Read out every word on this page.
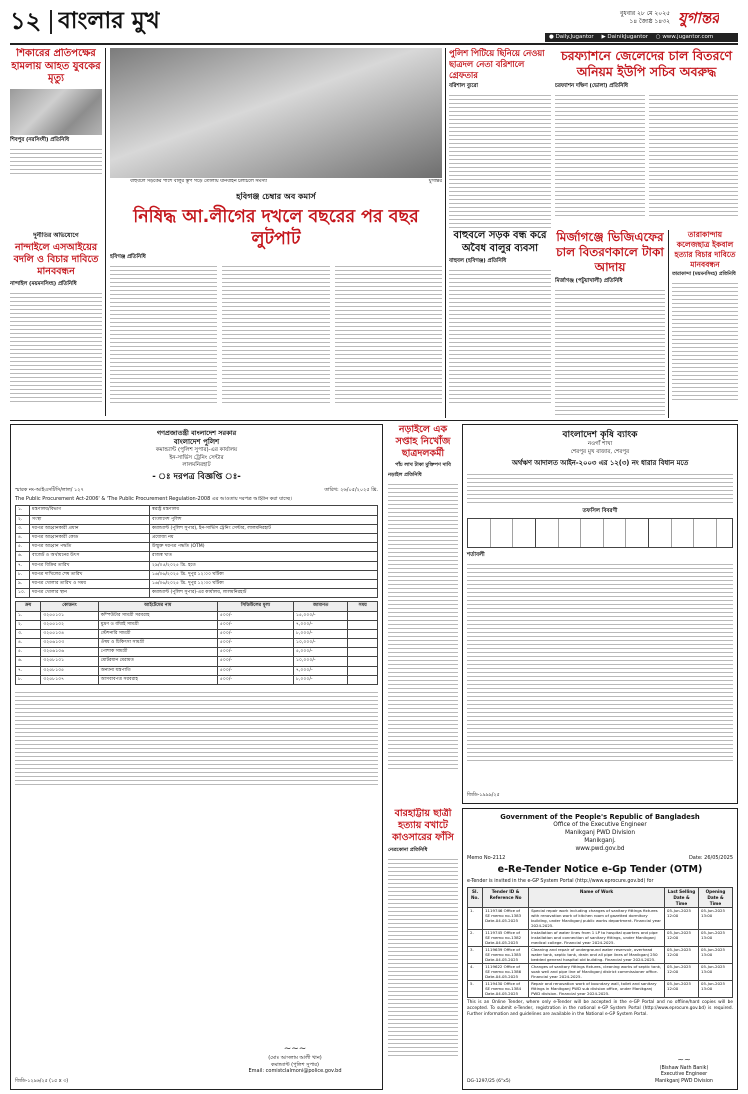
১২ বাংলার মুখ	বুধবার ২৮ মে ২০২৫
১৪ জ্যৈষ্ঠ ১৪৩২ যুগান্তর
● Daily.Jugantor ▶ DainikJugantor ○ www.jugantor.com
শিকারের প্রতিপক্ষের হামলায় আহত যুবকের মৃত্যু
শিবপুর (নরসিংদী) প্রতিনিধি
দুর্নীতির অভিযোগে
নান্দাইলে এসআইয়ের বদলি ও বিচার দাবিতে মানববন্ধন
নান্দাইল (ময়মনসিংহ) প্রতিনিধি
বাহুবলে সড়কের পাশে বালুর স্তূপ গড়ে তোলায় যানবাহন চলাচলে সমস্যা	যুগান্তর
হবিগঞ্জ চেম্বার অব কমার্স
নিষিদ্ধ আ.লীগের দখলে বছরের পর বছর লুটপাট
হবিগঞ্জ প্রতিনিধি
পুলিশ পিটিয়ে ছিনিয়ে নেওয়া ছাত্রদল নেতা বরিশালে গ্রেফতার
বরিশাল ব্যুরো
চরফ্যাশনে জেলেদের চাল বিতরণে অনিয়ম ইউপি সচিব অবরুদ্ধ
চরফ্যাশন দক্ষিণ (ভোলা) প্রতিনিধি
বাহুবলে সড়ক বন্ধ করে অবৈধ বালুর ব্যবসা
বাহুবল (হবিগঞ্জ) প্রতিনিধি
মির্জাগঞ্জে ভিজিএফের চাল বিতরণকালে টাকা আদায়
মির্জাগঞ্জ (পটুয়াখালী) প্রতিনিধি
তারাকান্দায় কলেজছাত্র ইকবাল হত্যার বিচার দাবিতে মানববন্ধন
তারাকান্দা (ময়মনসিংহ) প্রতিনিধি
গণপ্রজাতন্ত্রী বাংলাদেশ সরকার
বাংলাদেশ পুলিশ
কমান্ড্যান্ট (পুলিশ সুপার)-এর কার্যালয়
ইন-সার্ভিস ট্রেনিং সেন্টার
লালমনিরহাট
- ঃ দরপত্র বিজ্ঞপ্তি ঃ-
স্মারক নং-আইএসটিসি/লাল/ ১২৭	তারিখ: ২৬/০৫/২০২৫ খ্রি.
The Public Procurement Act-2006' & 'The Public Procurement Regulation-2008 এর আওতায় দরপত্র আহ্বান করা যাচ্ছে।
১.	মন্ত্রণালয়/বিভাগ	স্বরাষ্ট্র মন্ত্রণালয়
২.	সংস্থা	বাংলাদেশ পুলিশ
৩.	দরপত্র আহ্বানকারী প্রধান	কমান্ড্যান্ট (পুলিশ সুপার), ইন-সার্ভিস ট্রেনিং সেন্টার, লালমনিরহাট
৪.	দরপত্র আহ্বানকারী কোড	প্রযোজ্য নয়
৫.	দরপত্র আহ্বান পদ্ধতি	উন্মুক্ত দরপত্র পদ্ধতি (OTM)
৬.	বাজেট ও অর্থায়নের উৎস	রাজস্ব খাত
৭.	দরপত্র বিক্রির তারিখ	২৯/০৫/২০২৫ খ্রি. হতে
৮.	দরপত্র দাখিলের শেষ তারিখ	১৬/০৬/২০২৫ খ্রি. দুপুর ১২:০০ ঘটিকা
৯.	দরপত্র খোলার তারিখ ও সময়	১৬/০৬/২০২৫ খ্রি. দুপুর ১২:৩০ ঘটিকা
১০.	দরপত্র খোলার স্থান	কমান্ড্যান্ট (পুলিশ সুপার)-এর কার্যালয়, লালমনিরহাট
ক্রম	কোডনং	আইটেমের নাম	সিডিউলের মূল্য	জামানত	সময়
১.	৩২৫৫১০১	কম্পিউটার সামগ্রী সরবরাহ	৫০০/-	১৫,০০০/-	
২.	৩২৫৫১০২	মুদ্রণ ও বাঁধাই সামগ্রী	৫০০/-	৭,০০০/-	
৩.	৩২৫৫১০৪	স্টেশনারি সামগ্রী	৫০০/-	৮,০০০/-	
৪.	৩২৫৬১০৩	ঔষধ ও চিকিৎসা সামগ্রী	৫০০/-	১০,০০০/-	
৫.	৩২৫৬১০৬	পোশাক সামগ্রী	৫০০/-	৫,০০০/-	
৬.	৩২৫৮১০১	মোটরযান মেরামত	৫০০/-	১০,০০০/-	
৭.	৩২৫৮১০৫	অন্যান্য যন্ত্রপাতি	৫০০/-	৭,০০০/-	
৮.	৩২৫৮১০৭	আসবাবপত্র সরবরাহ	৫০০/-	৮,০০০/-	
~~~
(মোঃ আসলাম আলী খান)
কমান্ড্যান্ট (পুলিশ সুপার)
Email: comistclalmoni@police.gov.bd
জিডি-১২৯৬/২৫ (১৫ x ৩)
নড়াইলে এক সপ্তাহ নিখোঁজ ছাত্রদলকর্মী
পাঁচ লাখ টাকা মুক্তিপণ দাবি
নড়াইল প্রতিনিধি
বারহাট্টায় ছাত্রী হত্যায় বখাটে কাওসারের ফাঁসি
নেত্রকোনা প্রতিনিধি
বাংলাদেশ কৃষি ব্যাংক
নওগাঁ শাখা
শেরপুর মুখ বাজার, শেরপুর
অর্থঋণ আদালত আইন-২০০৩ এর ১২(৩) নং ধারার বিধান মতে
তফসিল বিবরণী
শর্তাবলী
জিডি-১৯৯৯/২৫
Government of the People's Republic of Bangladesh
Office of the Executive Engineer
Manikganj PWD Division
Manikganj.
www.pwd.gov.bd
Memo No-2112	Date: 26/05/2025
e-Re-Tender Notice e-Gp Tender (OTM)
e-Tender is invited in the e-GP System Portal (http://www.eprocure.gov.bd) for
Sl. No.	Tender ID & Reference No	Name of Work	Last Selling Date & Time	Opening Date & Time
1.	1119746 Office of SE memo no-1383 Date-04.05.2025	Special repair work including changes of sanitary fittings fixtures with renovation work of kitchen room of gazetted dormitory building, under Manikganj public works department. Financial year 2024-2025.	05-Jun-2025 12:00	05-Jun-2025 13:00
2.	1119745 Office of SE memo no-1382 Date-04.05.2025	Installation of water lines from 1 LP to hospital quarters and pipe installation and connection of sanitary fittings, under Manikganj medical college. Financial year 2024-2025.	05-Jun-2025 12:00	05-Jun-2025 13:00
3.	1119639 Office of SE memo no-1385 Date-04.05.2025	Cleaning and repair of underground water reservoir, overhead water tank, septic tank, drain and all pipe lines of Manikganj 250 bedded general hospital old building. Financial year 2024-2025.	05-Jun-2025 12:00	05-Jun-2025 13:00
4.	1119622 Office of SE memo no-1386 Date-04.05.2025	Changes of sanitary fittings fixtures, cleaning works of septic tank, soak well and pipe line of Manikganj district commissioner office. Financial year 2024-2025.	05-Jun-2025 12:00	05-Jun-2025 13:00
5.	1119430 Office of SE memo no-1384 Date-04.05.2025	Repair and renovation work of boundary wall, toilet and sanitary fittings in Manikganj PWD sub division office, under Manikganj PWD division. Financial year 2024-2025.	05-Jun-2025 12:00	05-Jun-2025 13:00
This is an Online Tender, where only e-Tender will be accepted in the e-GP Portal and no offline/hard copies will be accepted. To submit e-Tender, registration in the national e-GP System Portal (http://www.eprocure.gov.bd) is required. Further information and guidelines are available in the National e-GP System Portal.
~~
(Bishaw Nath Banik)
Executive Engineer
Manikganj PWD Division
DG-1297/25 (6"x5)
